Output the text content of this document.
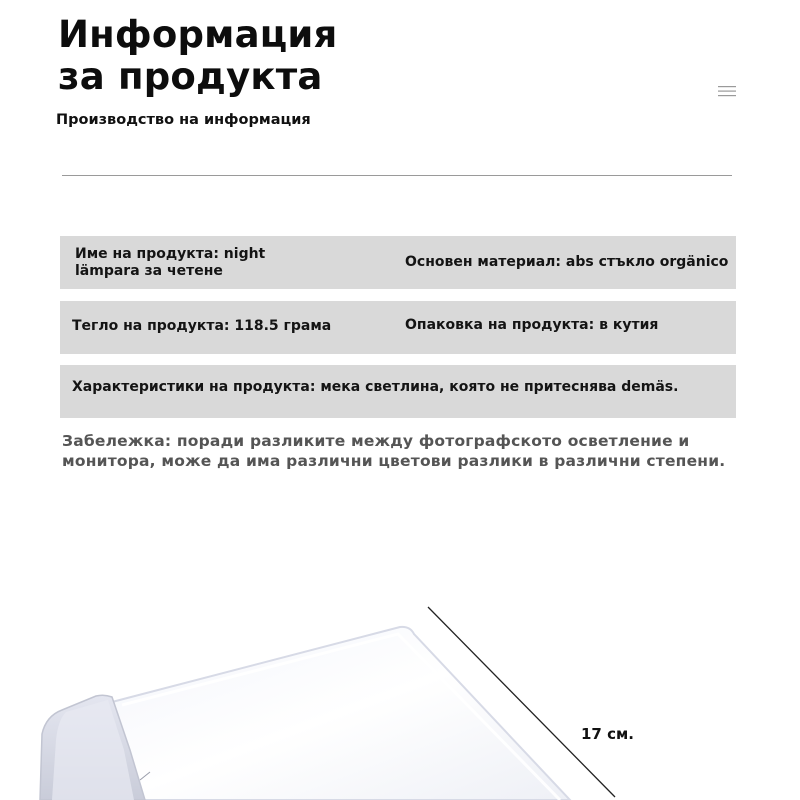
Информация
за продукта
Производство на информация
Име на продукта: night lämpara за четене
Основен материал: abs стъкло orgänico
Тегло на продукта: 118.5 грама	Опаковка на продукта: в кутия
Характеристики на продукта: мека светлина, която не притеснява demäs.
Забележка: поради разликите между фотографското осветление и монитора, може да има различни цветови разлики в различни степени.
17 см.
